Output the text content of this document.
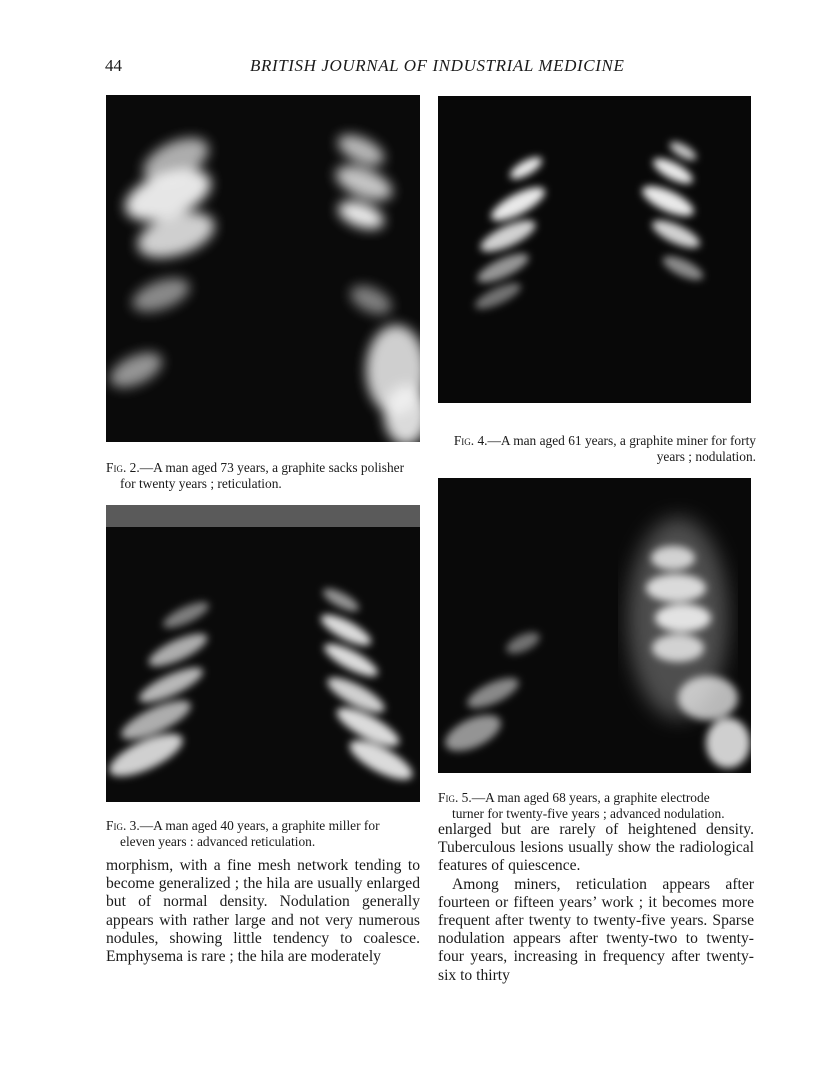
44	BRITISH JOURNAL OF INDUSTRIAL MEDICINE
Fig. 2.—A man aged 73 years, a graphite sacks polisher
for twenty years ; reticulation.
Fig. 4.—A man aged 61 years, a graphite miner for forty
years ; nodulation.
Fig. 3.—A man aged 40 years, a graphite miller for
eleven years : advanced reticulation.
Fig. 5.—A man aged 68 years, a graphite electrode
turner for twenty-five years ; advanced nodulation.

morphism, with a fine mesh network tending to become generalized ; the hila are usually enlarged but of normal density. Nodulation generally appears with rather large and not very numerous nodules, showing little tendency to coalesce. Emphysema is rare ; the hila are moderately

enlarged but are rarely of heightened density. Tuberculous lesions usually show the radiological features of quiescence.

Among miners, reticulation appears after fourteen or fifteen years’ work ; it becomes more frequent after twenty to twenty-five years. Sparse nodulation appears after twenty-two to twenty-four years, increasing in frequency after twenty-six to thirty
